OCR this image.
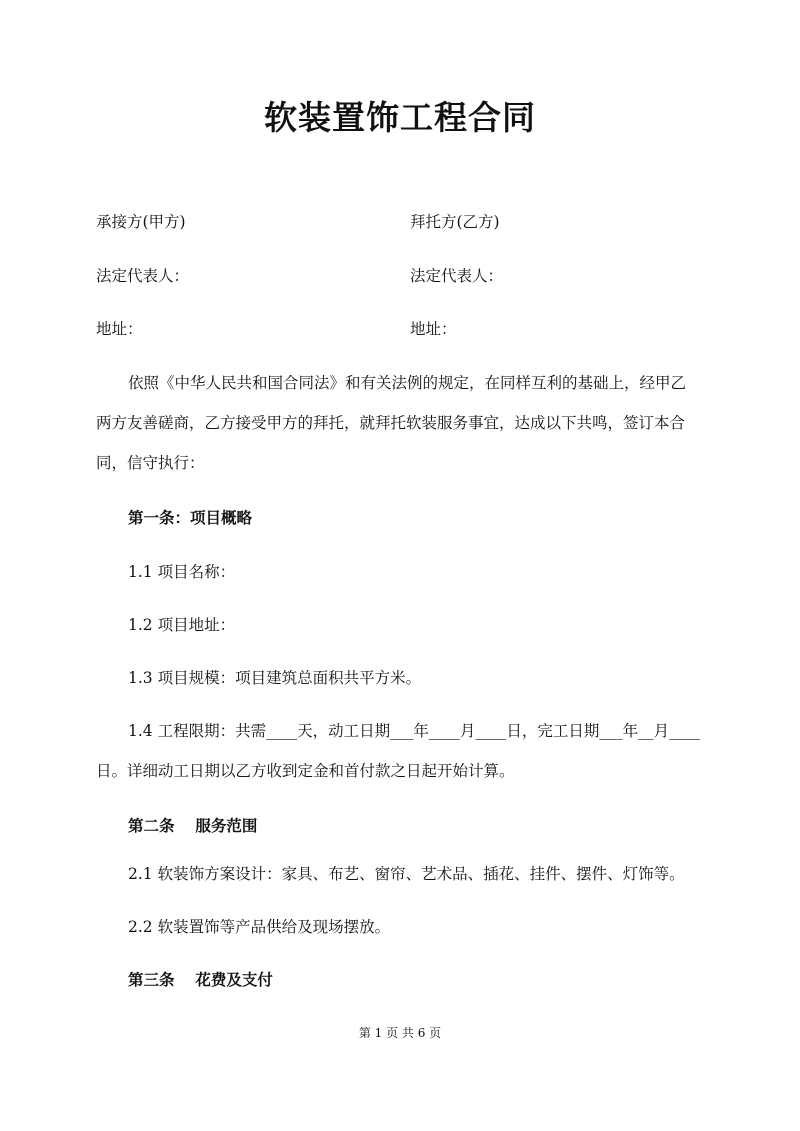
软装置饰工程合同
承接方(甲方)	拜托方(乙方)
法定代表人：	法定代表人：
地址：	地址：
依照《中华人民共和国合同法》和有关法例的规定，在同样互利的基础上，经甲乙
两方友善磋商，乙方接受甲方的拜托，就拜托软装服务事宜，达成以下共鸣，签订本合
同，信守执行：
第一条：项目概略
1.1 项目名称：
1.2 项目地址：
1.3 项目规模：项目建筑总面积共平方米。
1.4 工程限期：共需____天，动工日期___年____月____日，完工日期___年__月____
日。详细动工日期以乙方收到定金和首付款之日起开始计算。
第二条　 服务范围
2.1 软装饰方案设计：家具、布艺、窗帘、艺术品、插花、挂件、摆件、灯饰等。
2.2 软装置饰等产品供给及现场摆放。
第三条　 花费及支付
第 1 页 共 6 页
